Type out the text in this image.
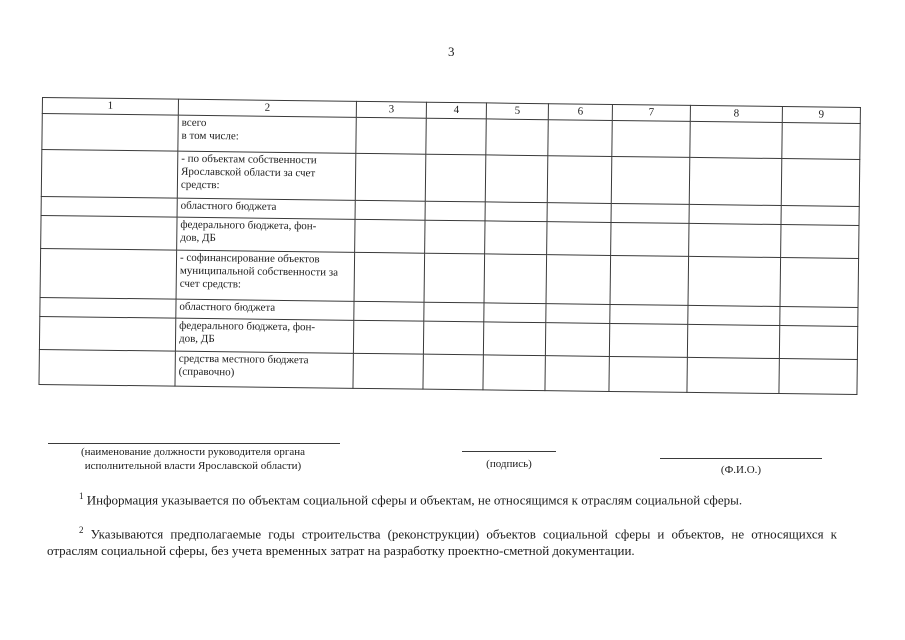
3
1	2	3	4	5	6	7	8	9
	всего
в том числе:							
	- по объектам собственности Ярославской области за счет средств:							
	областного бюджета							
	федерального бюджета, фон-
дов, ДБ							
	- софинансирование объектов муниципальной собственности за счет средств:							
	областного бюджета							
	федерального бюджета, фон-
дов, ДБ							
	средства местного бюджета (справочно)							
(наименование должности руководителя органа исполнительной власти Ярославской области)	(подпись)	(Ф.И.О.)
$^1$ Информация указывается по объектам социальной сферы и объектам, не относящимся к отраслям социальной сферы.
$^2$ Указываются предполагаемые годы строительства (реконструкции) объектов социальной сферы и объектов, не относящихся к отраслям социальной сферы, без учета временных затрат на разработку проектно-сметной документации.
